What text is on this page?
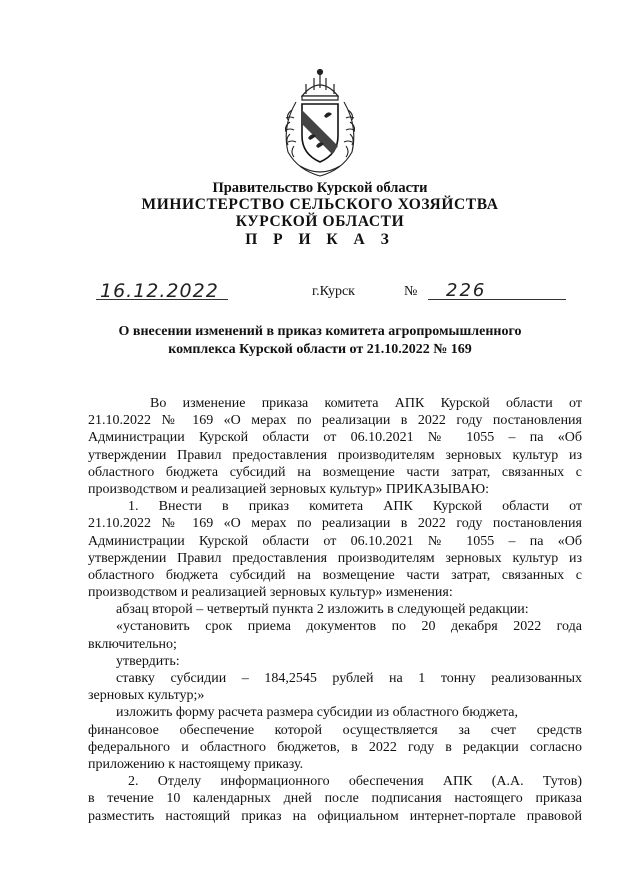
Правительство Курской области
МИНИСТЕРСТВО СЕЛЬСКОГО ХОЗЯЙСТВА
КУРСКОЙ ОБЛАСТИ
П Р И К А З
16.12.2022	г.Курск	№ 226
О внесении изменений в приказ комитета агропромышленного
комплекса Курской области от 21.10.2022 № 169
Во изменение приказа комитета АПК Курской области от
21.10.2022 № 169 «О мерах по реализации в 2022 году постановления
Администрации Курской области от 06.10.2021 № 1055 – па «Об
утверждении Правил предоставления производителям зерновых культур из
областного бюджета субсидий на возмещение части затрат, связанных с
производством и реализацией зерновых культур» ПРИКАЗЫВАЮ:
1. Внести в приказ комитета АПК Курской области от
21.10.2022 № 169 «О мерах по реализации в 2022 году постановления
Администрации Курской области от 06.10.2021 № 1055 – па «Об
утверждении Правил предоставления производителям зерновых культур из
областного бюджета субсидий на возмещение части затрат, связанных с
производством и реализацией зерновых культур» изменения:
абзац второй – четвертый пункта 2 изложить в следующей редакции:
«установить срок приема документов по 20 декабря 2022 года
включительно;
утвердить:
ставку субсидии – 184,2545 рублей на 1 тонну реализованных
зерновых культур;»
изложить форму расчета размера субсидии из областного бюджета,
финансовое обеспечение которой осуществляется за счет средств
федерального и областного бюджетов, в 2022 году в редакции согласно
приложению к настоящему приказу.
2. Отделу информационного обеспечения АПК (А.А. Тутов)
в течение 10 календарных дней после подписания настоящего приказа
разместить настоящий приказ на официальном интернет-портале правовой
